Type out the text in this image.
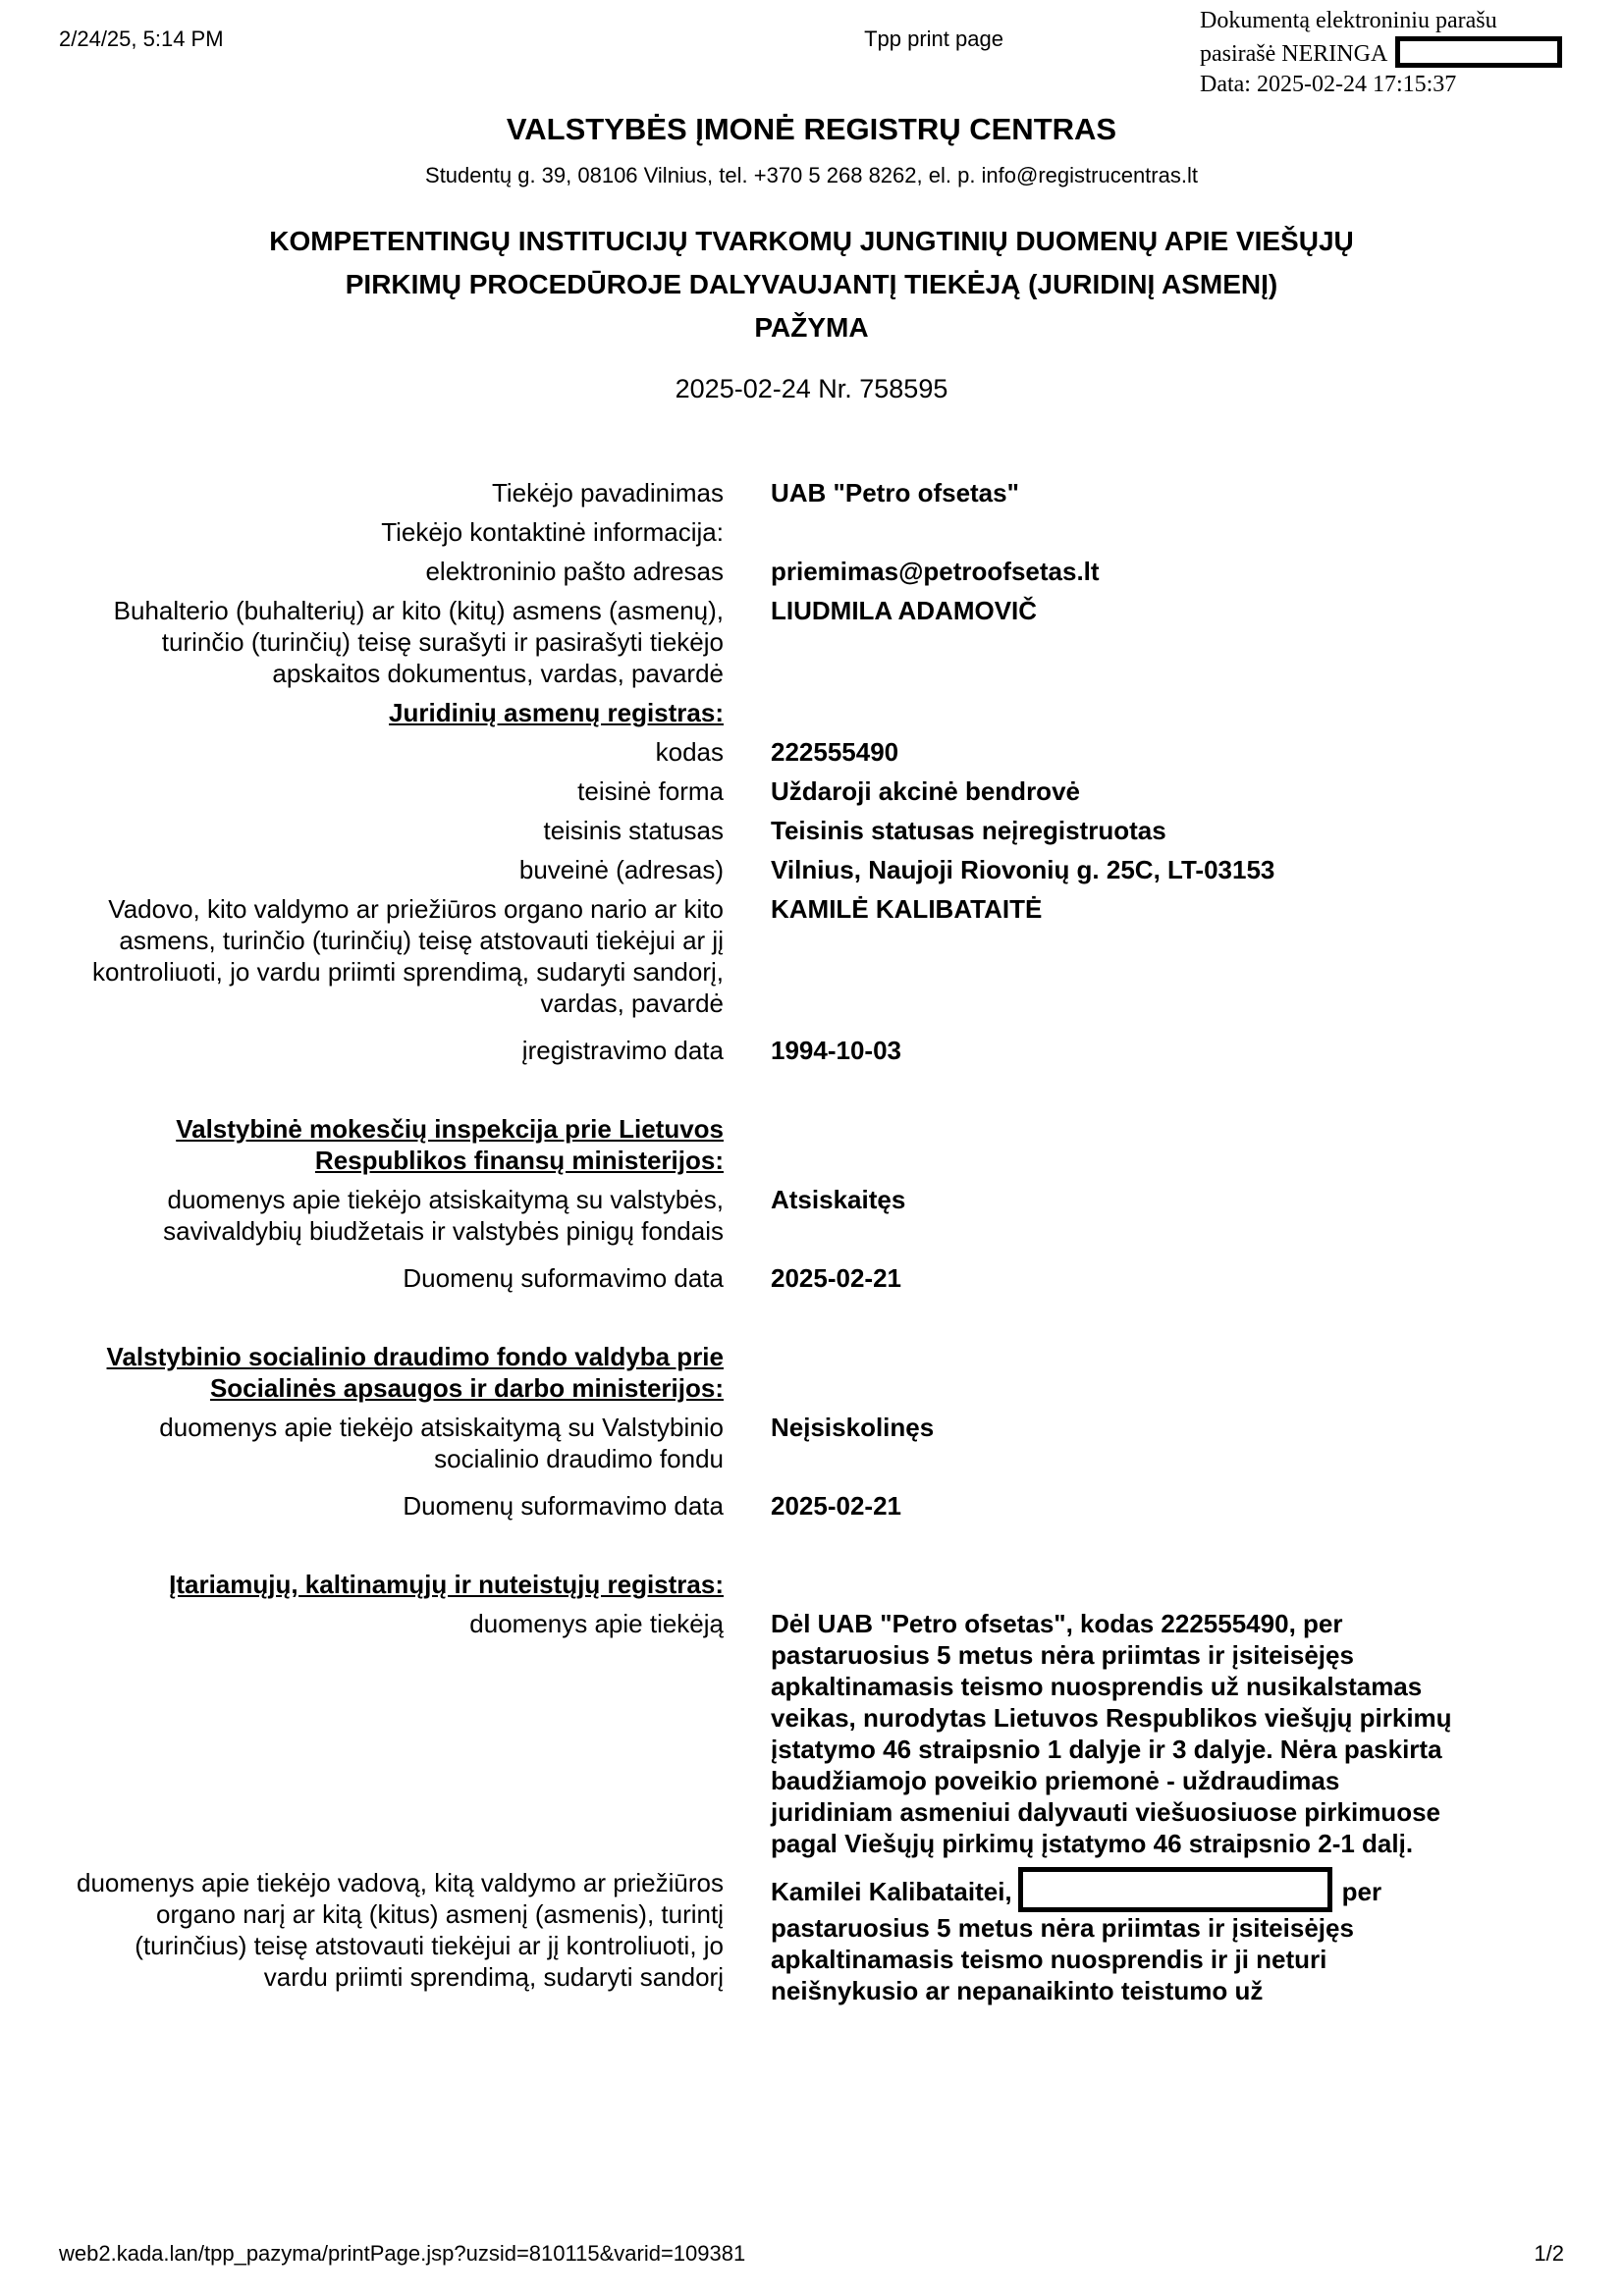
2/24/25, 5:14 PM	Tpp print page
Dokumentą elektroniniu parašu
pasirašė NERINGA
Data: 2025-02-24 17:15:37
VALSTYBĖS ĮMONĖ REGISTRŲ CENTRAS
Studentų g. 39, 08106 Vilnius, tel. +370 5 268 8262, el. p. info@registrucentras.lt
KOMPETENTINGŲ INSTITUCIJŲ TVARKOMŲ JUNGTINIŲ DUOMENŲ APIE VIEŠŲJŲ
PIRKIMŲ PROCEDŪROJE DALYVAUJANTĮ TIEKĖJĄ (JURIDINĮ ASMENĮ)
PAŽYMA
2025-02-24 Nr. 758595
Tiekėjo pavadinimas UAB "Petro ofsetas"
Tiekėjo kontaktinė informacija:
elektroninio pašto adresas priemimas@petroofsetas.lt
Buhalterio (buhalterių) ar kito (kitų) asmens (asmenų), turinčio (turinčių) teisę surašyti ir pasirašyti tiekėjo apskaitos dokumentus, vardas, pavardė
LIUDMILA ADAMOVIČ
Juridinių asmenų registras:
kodas 222555490
teisinė forma Uždaroji akcinė bendrovė
teisinis statusas Teisinis statusas neįregistruotas
buveinė (adresas) Vilnius, Naujoji Riovonių g. 25C, LT-03153
Vadovo, kito valdymo ar priežiūros organo nario ar kito asmens, turinčio (turinčių) teisę atstovauti tiekėjui ar jį kontroliuoti, jo vardu priimti sprendimą, sudaryti sandorį, vardas, pavardė
KAMILĖ KALIBATAITĖ
įregistravimo data 1994-10-03
Valstybinė mokesčių inspekcija prie Lietuvos Respublikos finansų ministerijos:
duomenys apie tiekėjo atsiskaitymą su valstybės, savivaldybių biudžetais ir valstybės pinigų fondais
Atsiskaitęs
Duomenų suformavimo data 2025-02-21
Valstybinio socialinio draudimo fondo valdyba prie Socialinės apsaugos ir darbo ministerijos:
duomenys apie tiekėjo atsiskaitymą su Valstybinio socialinio draudimo fondu
Neįsiskolinęs
Duomenų suformavimo data 2025-02-21
Įtariamųjų, kaltinamųjų ir nuteistųjų registras:
duomenys apie tiekėją Dėl UAB "Petro ofsetas", kodas 222555490, per pastaruosius 5 metus nėra priimtas ir įsiteisėjęs apkaltinamasis teismo nuosprendis už nusikalstamas veikas, nurodytas Lietuvos Respublikos viešųjų pirkimų įstatymo 46 straipsnio 1 dalyje ir 3 dalyje. Nėra paskirta baudžiamojo poveikio priemonė - uždraudimas juridiniam asmeniui dalyvauti viešuosiuose pirkimuose pagal Viešųjų pirkimų įstatymo 46 straipsnio 2-1 dalį.
duomenys apie tiekėjo vadovą, kitą valdymo ar priežiūros organo narį ar kitą (kitus) asmenį (asmenis), turintį (turinčius) teisę atstovauti tiekėjui ar jį kontroliuoti, jo vardu priimti sprendimą, sudaryti sandorį
Kamilei Kalibataitei,	per pastaruosius 5 metus nėra priimtas ir įsiteisėjęs apkaltinamasis teismo nuosprendis ir ji neturi neišnykusio ar nepanaikinto teistumo už
web2.kada.lan/tpp_pazyma/printPage.jsp?uzsid=810115&varid=109381	1/2
